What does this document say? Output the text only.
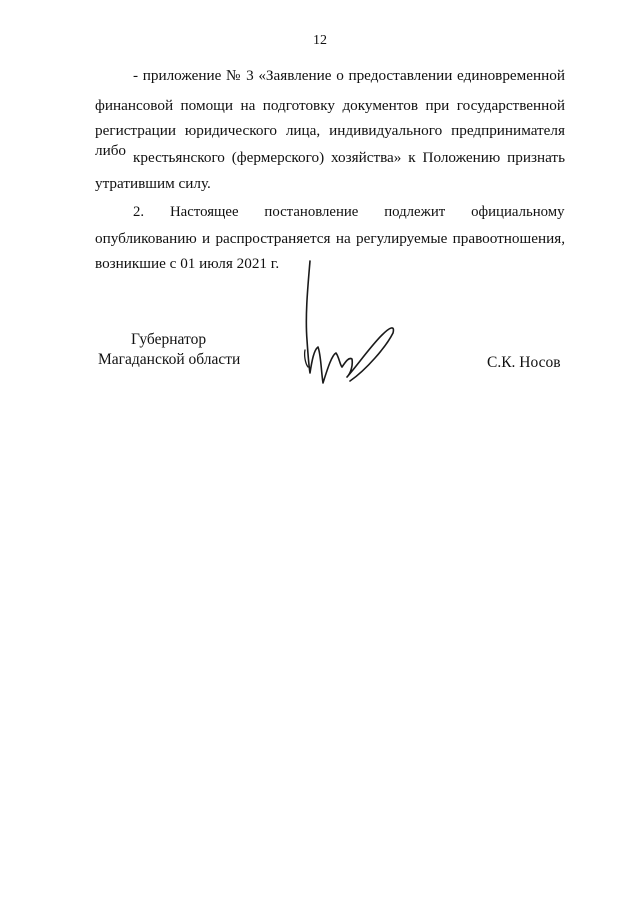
12
- приложение № 3 «Заявление о предоставлении единовременной
финансовой помощи на подготовку документов при государственной
регистрации юридического лица, индивидуального предпринимателя либо крестьянского (фермерского) хозяйства» к Положению признать
утратившим силу.
2.       Настоящее       постановление       подлежит       официальному
опубликованию и распространяется на регулируемые правоотношения,
возникшие с 01 июля 2021 г.
Губернатор
Магаданской области	С.К. Носов
